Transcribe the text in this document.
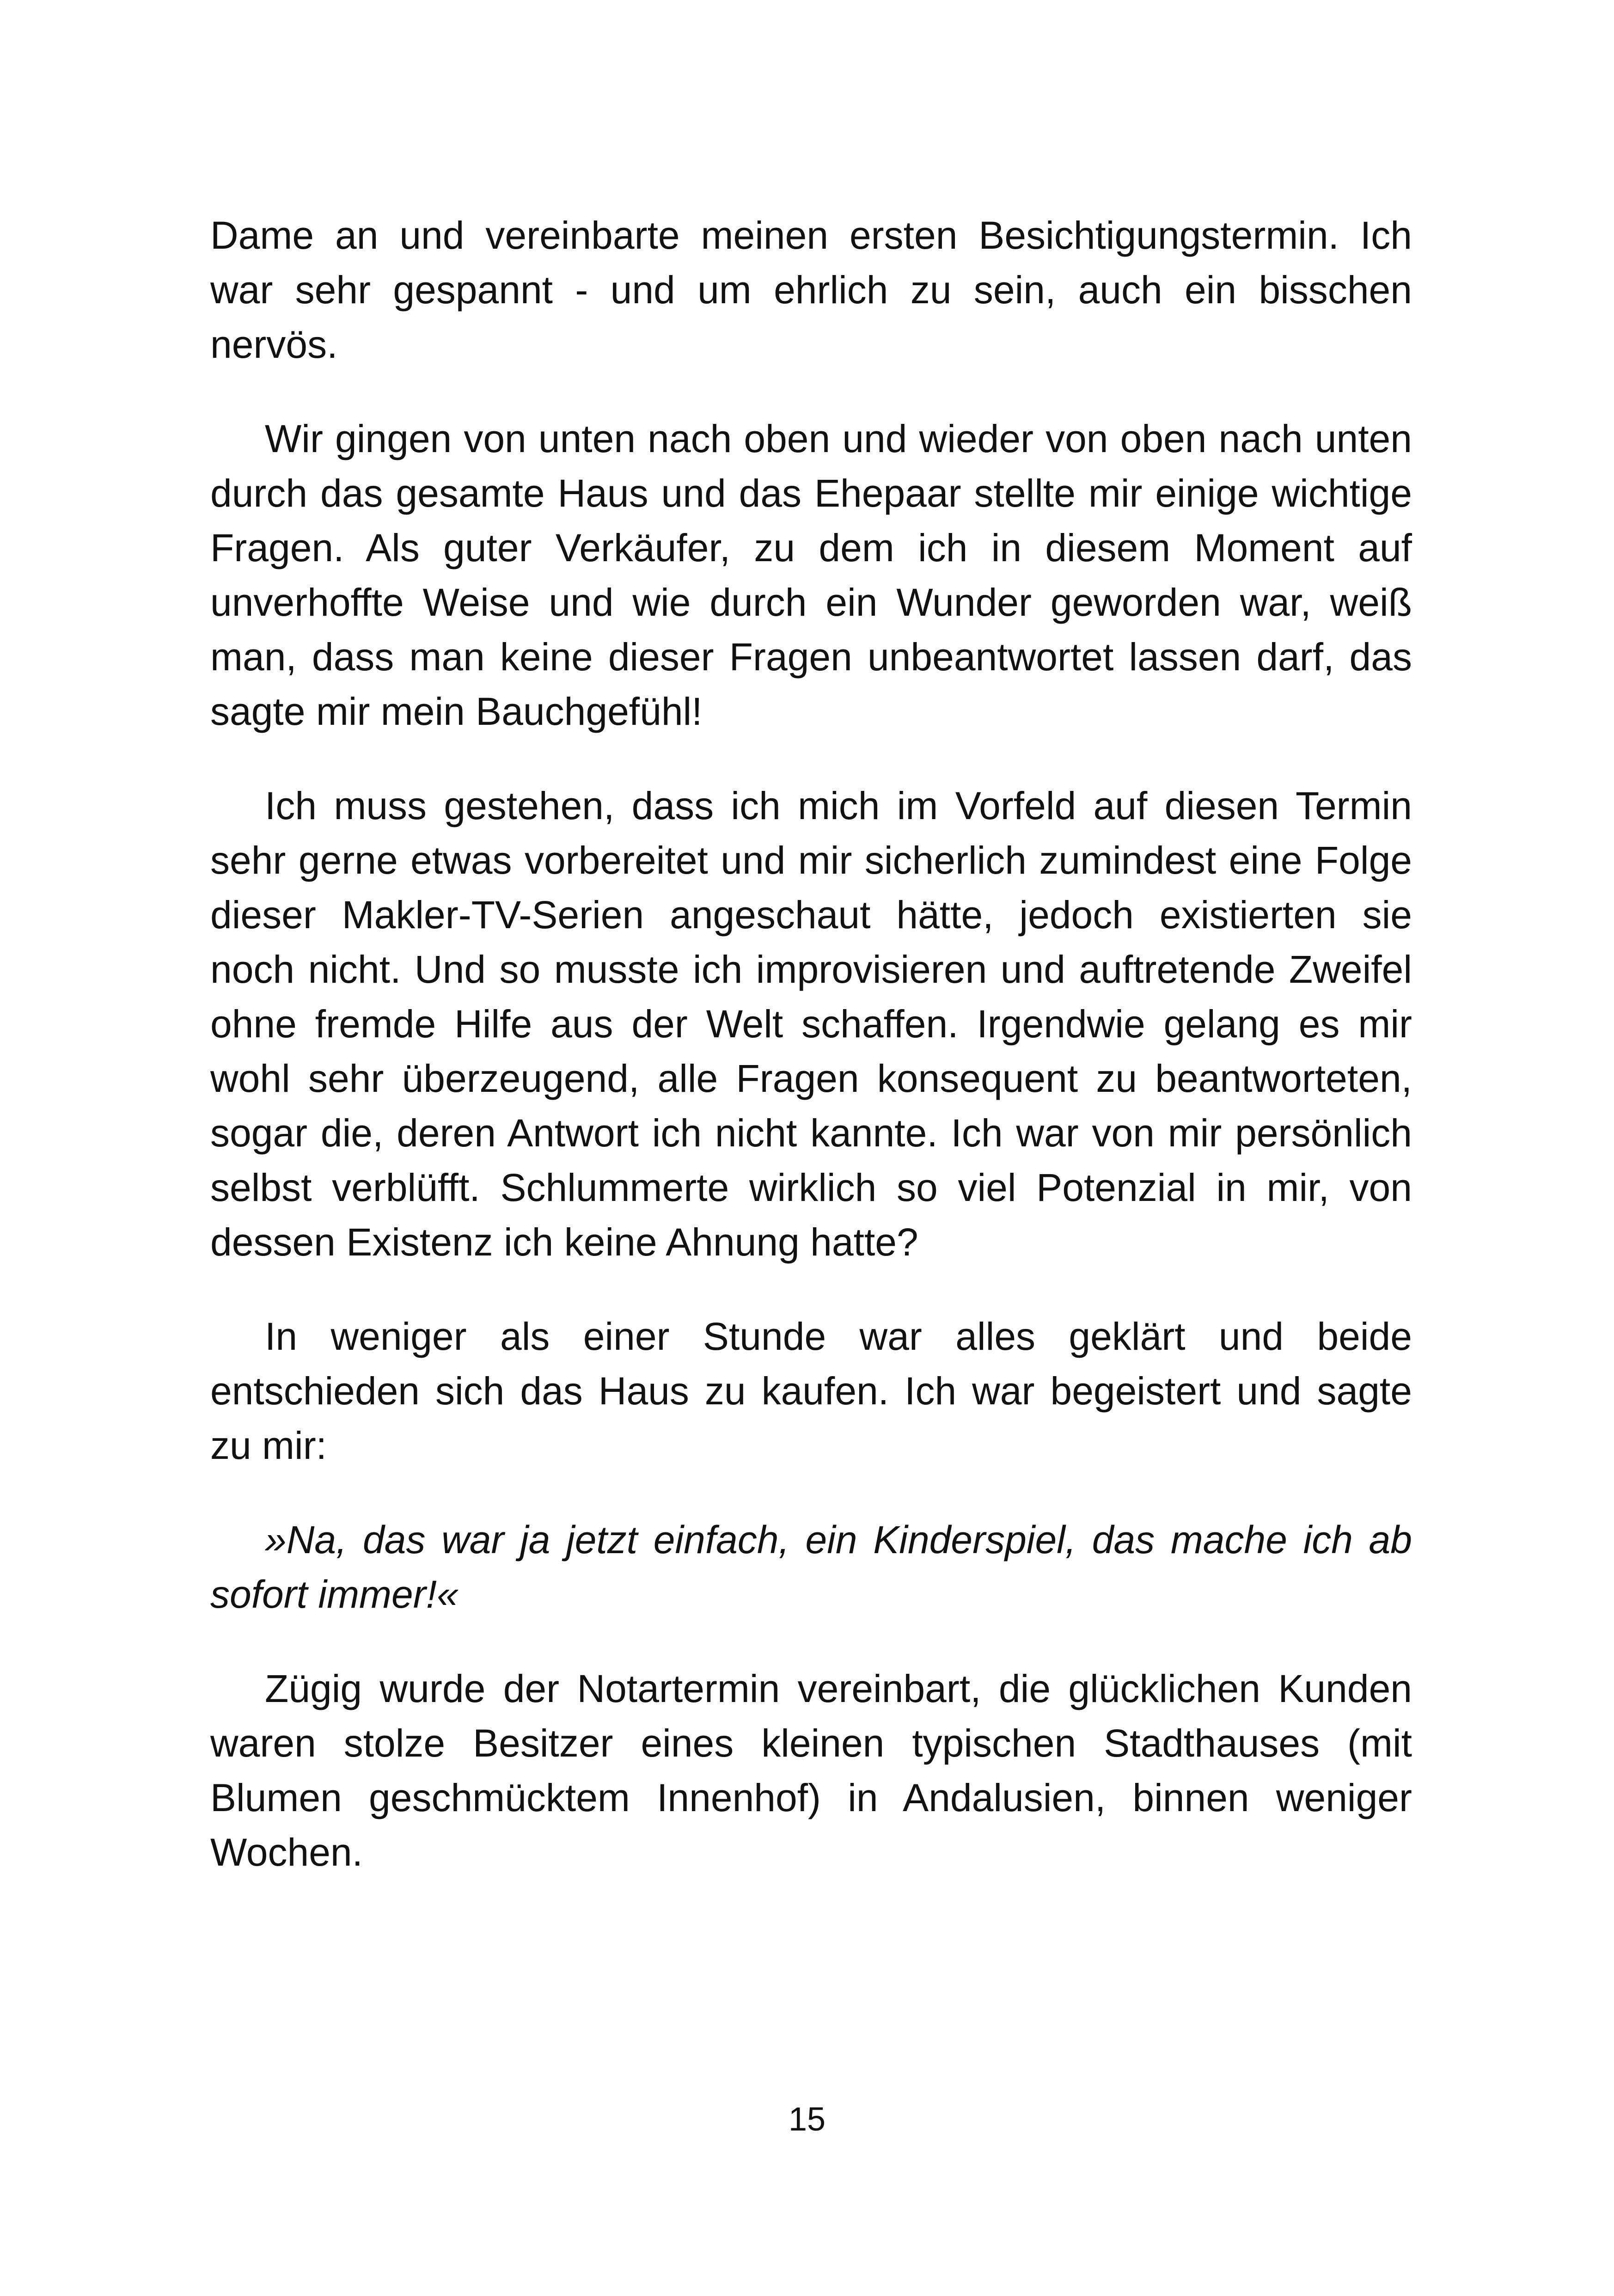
Dame an und vereinbarte meinen ersten Besichtigungstermin. Ich war sehr gespannt - und um ehrlich zu sein, auch ein bisschen nervös.

Wir gingen von unten nach oben und wieder von oben nach unten durch das gesamte Haus und das Ehepaar stellte mir einige wichtige Fragen. Als guter Verkäufer, zu dem ich in diesem Moment auf unverhoffte Weise und wie durch ein Wunder geworden war, weiß man, dass man keine dieser Fragen unbeantwortet lassen darf, das sagte mir mein Bauchgefühl!

Ich muss gestehen, dass ich mich im Vorfeld auf diesen Termin sehr gerne etwas vorbereitet und mir sicherlich zumindest eine Folge dieser Makler-TV-Serien angeschaut hätte, jedoch existierten sie noch nicht. Und so musste ich improvisieren und auftretende Zweifel ohne fremde Hilfe aus der Welt schaffen. Irgendwie gelang es mir wohl sehr überzeugend, alle Fragen konsequent zu beantworteten, sogar die, deren Antwort ich nicht kannte. Ich war von mir persönlich selbst verblüfft. Schlummerte wirklich so viel Potenzial in mir, von dessen Existenz ich keine Ahnung hatte?

In weniger als einer Stunde war alles geklärt und beide entschieden sich das Haus zu kaufen. Ich war begeistert und sagte zu mir:

»Na, das war ja jetzt einfach, ein Kinderspiel, das mache ich ab sofort immer!«

Zügig wurde der Notartermin vereinbart, die glücklichen Kunden waren stolze Besitzer eines kleinen typischen Stadthauses (mit Blumen geschmücktem Innenhof) in Andalusien, binnen weniger Wochen.

15
